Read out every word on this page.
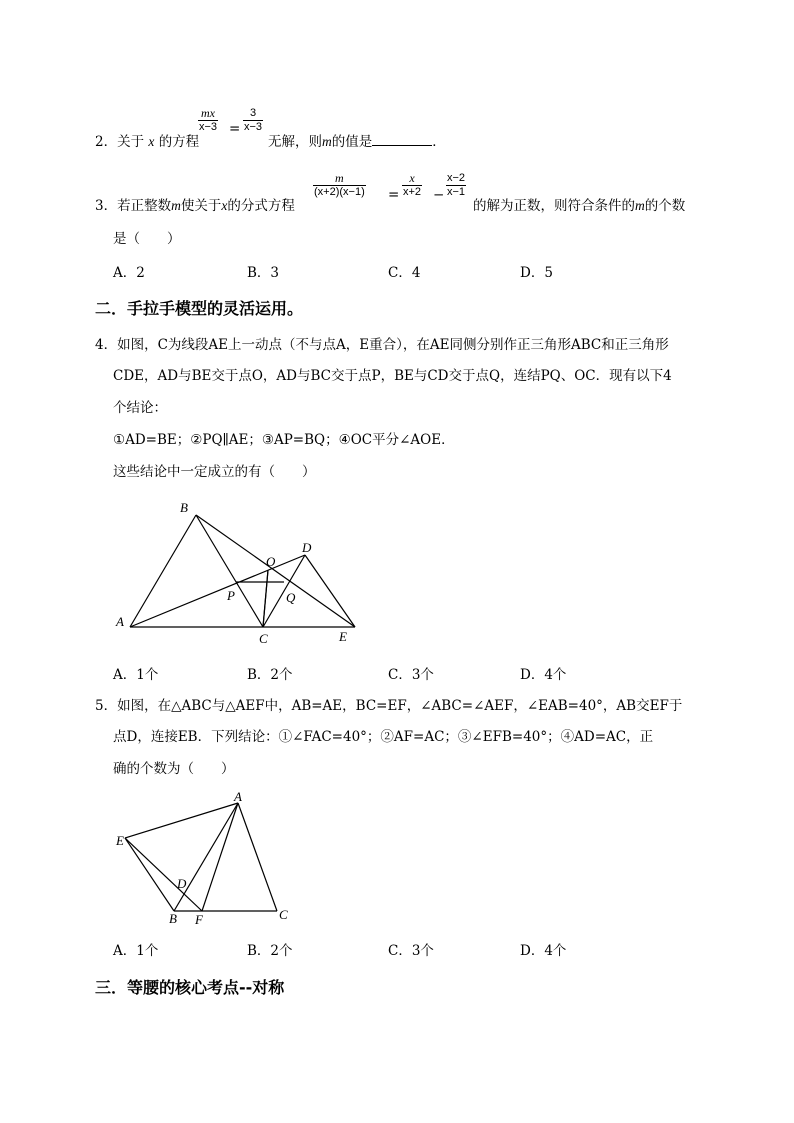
2．关于 x 的方程
$\frac{mx}{x-3} = \frac{3}{x-3}$
无解，则m的值是	．
3．若正整数m使关于x的分式方程
$\frac{m}{(x+2)(x-1)} = \frac{x}{x+2} - \frac{x-2}{x-1}$
的解为正数，则符合条件的m的个数
是（　　）
A．2	B．3	C．4	D．5
二．手拉手模型的灵活运用。
4．如图，C为线段AE上一动点（不与点A，E重合），在AE同侧分别作正三角形ABC和正三角形
CDE，AD与BE交于点O，AD与BC交于点P，BE与CD交于点Q，连结PQ、OC．现有以下4
个结论：
①AD=BE；②PQ∥AE；③AP=BQ；④OC平分∠AOE．
这些结论中一定成立的有（　　）
B
A
C	E
D
O
P	Q
A．1个	B．2个	C．3个	D．4个
5．如图，在△ABC与△AEF中，AB=AE，BC=EF，∠ABC=∠AEF，∠EAB=40°，AB交EF于
点D，连接EB．下列结论：①∠FAC=40°；②AF=AC；③∠EFB=40°；④AD=AC，正
确的个数为（　　）
A
E
D
B F	C
A．1个	B．2个	C．3个	D．4个
三．等腰的核心考点--对称
